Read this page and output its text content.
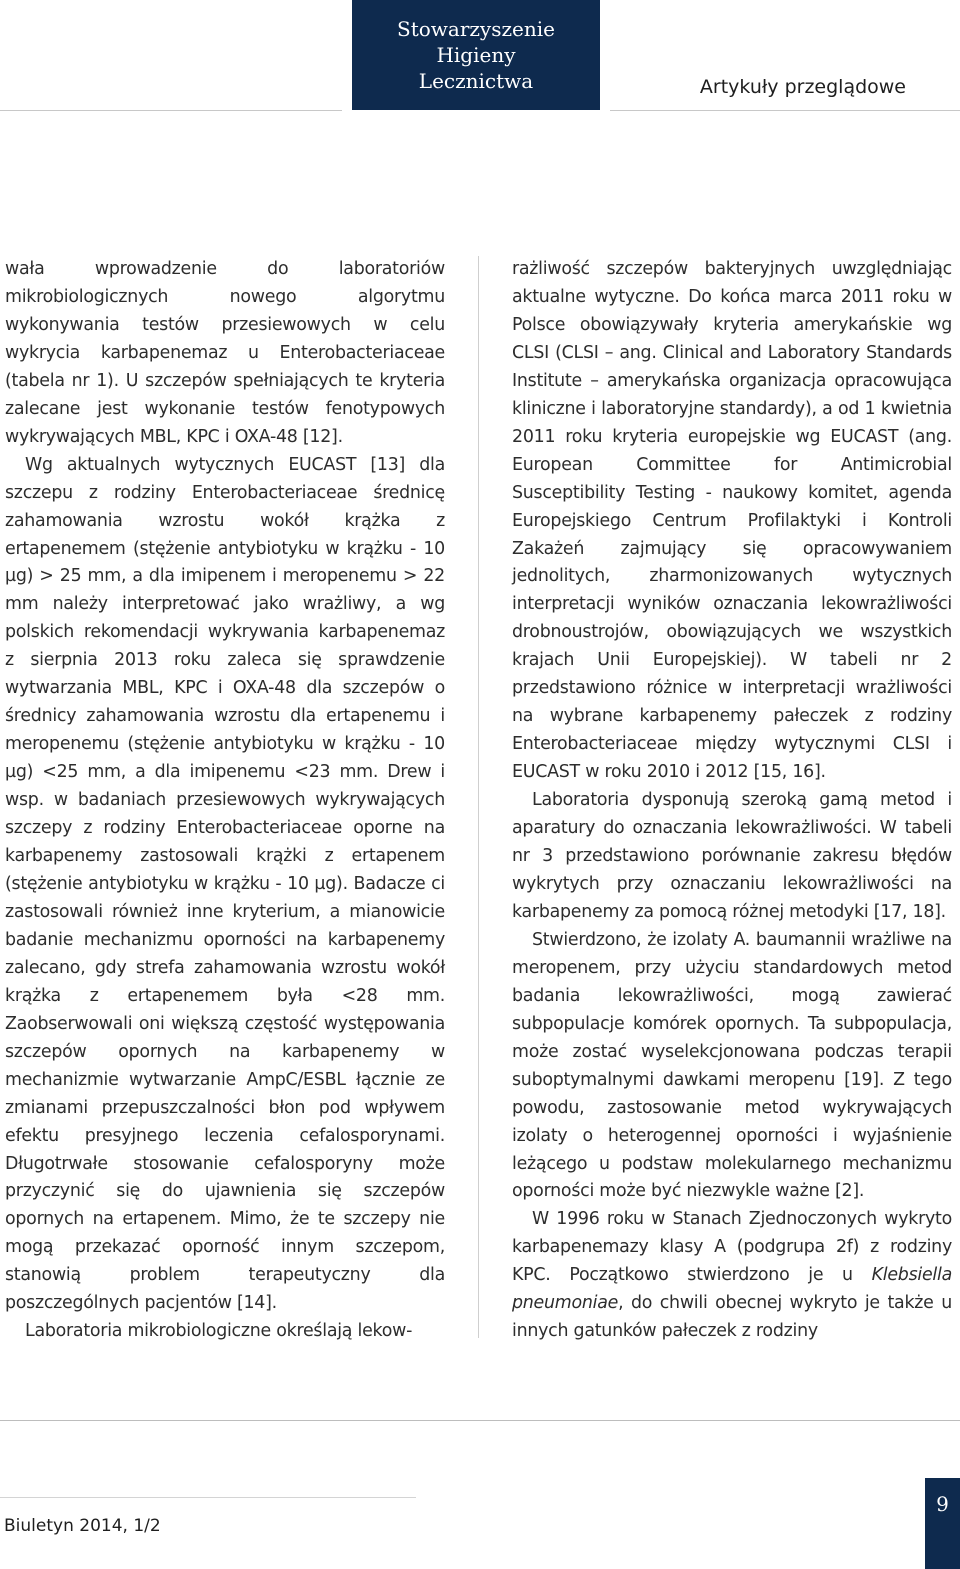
Stowarzyszenie
Higieny
Lecznictwa	Artykuły przeglądowe

wała wprowadzenie do laboratoriów mikrobiologicznych nowego algorytmu wykonywania testów przesiewowych w celu wykrycia karbapenemaz u Enterobacteriaceae (tabela nr 1). U szczepów spełniających te kryteria zalecane jest wykonanie testów fenotypowych wykrywających MBL, KPC i OXA-48 [12].

Wg aktualnych wytycznych EUCAST [13] dla szczepu z rodziny Enterobacteriaceae średnicę zahamowania wzrostu wokół krążka z ertapenemem (stężenie antybiotyku w krążku - 10 µg) > 25 mm, a dla imipenem i meropenemu > 22 mm należy interpretować jako wrażliwy, a wg polskich rekomendacji wykrywania karbapenemaz z sierpnia 2013 roku zaleca się sprawdzenie wytwarzania MBL, KPC i OXA-48 dla szczepów o średnicy zahamowania wzrostu dla ertapenemu i meropenemu (stężenie antybiotyku w krążku - 10 µg) <25 mm, a dla imipenemu <23 mm. Drew i wsp. w badaniach przesiewowych wykrywających szczepy z rodziny Enterobacteriaceae oporne na karbapenemy zastosowali krążki z ertapenem (stężenie antybiotyku w krążku - 10 µg). Badacze ci zastosowali również inne kryterium, a mianowicie badanie mechanizmu oporności na karbapenemy zalecano, gdy strefa zahamowania wzrostu wokół krążka z ertapenemem była <28 mm. Zaobserwowali oni większą częstość występowania szczepów opornych na karbapenemy w mechanizmie wytwarzanie AmpC/ESBL łącznie ze zmianami przepuszczalności błon pod wpływem efektu presyjnego leczenia cefalosporynami. Długotrwałe stosowanie cefalosporyny może przyczynić się do ujawnienia się szczepów opornych na ertapenem. Mimo, że te szczepy nie mogą przekazać oporność innym szczepom, stanowią problem terapeutyczny dla poszczególnych pacjentów [14].

Laboratoria mikrobiologiczne określają lekow-

rażliwość szczepów bakteryjnych uwzględniając aktualne wytyczne. Do końca marca 2011 roku w Polsce obowiązywały kryteria amerykańskie wg CLSI (CLSI – ang. Clinical and Laboratory Standards Institute – amerykańska organizacja opracowująca kliniczne i laboratoryjne standardy), a od 1 kwietnia 2011 roku kryteria europejskie wg EUCAST (ang. European Committee for Antimicrobial Susceptibility Testing - naukowy komitet, agenda Europejskiego Centrum Profilaktyki i Kontroli Zakażeń zajmujący się opracowywaniem jednolitych, zharmonizowanych wytycznych interpretacji wyników oznaczania lekowrażliwości drobnoustrojów, obowiązujących we wszystkich krajach Unii Europejskiej). W tabeli nr 2 przedstawiono różnice w interpretacji wrażliwości na wybrane karbapenemy pałeczek z rodziny Enterobacteriaceae między wytycznymi CLSI i EUCAST w roku 2010 i 2012 [15, 16].

Laboratoria dysponują szeroką gamą metod i aparatury do oznaczania lekowrażliwości. W tabeli nr 3 przedstawiono porównanie zakresu błędów wykrytych przy oznaczaniu lekowrażliwości na karbapenemy za pomocą różnej metodyki [17, 18].

Stwierdzono, że izolaty A. baumannii wrażliwe na meropenem, przy użyciu standardowych metod badania lekowrażliwości, mogą zawierać subpopulacje komórek opornych. Ta subpopulacja, może zostać wyselekcjonowana podczas terapii suboptymalnymi dawkami meropenu [19]. Z tego powodu, zastosowanie metod wykrywających izolaty o heterogennej oporności i wyjaśnienie leżącego u podstaw molekularnego mechanizmu oporności może być niezwykle ważne [2].

W 1996 roku w Stanach Zjednoczonych wykryto karbapenemazy klasy A (podgrupa 2f) z rodziny KPC. Początkowo stwierdzono je u Klebsiella pneumoniae, do chwili obecnej wykryto je także u innych gatunków pałeczek z rodziny

Biuletyn 2014, 1/2
9
